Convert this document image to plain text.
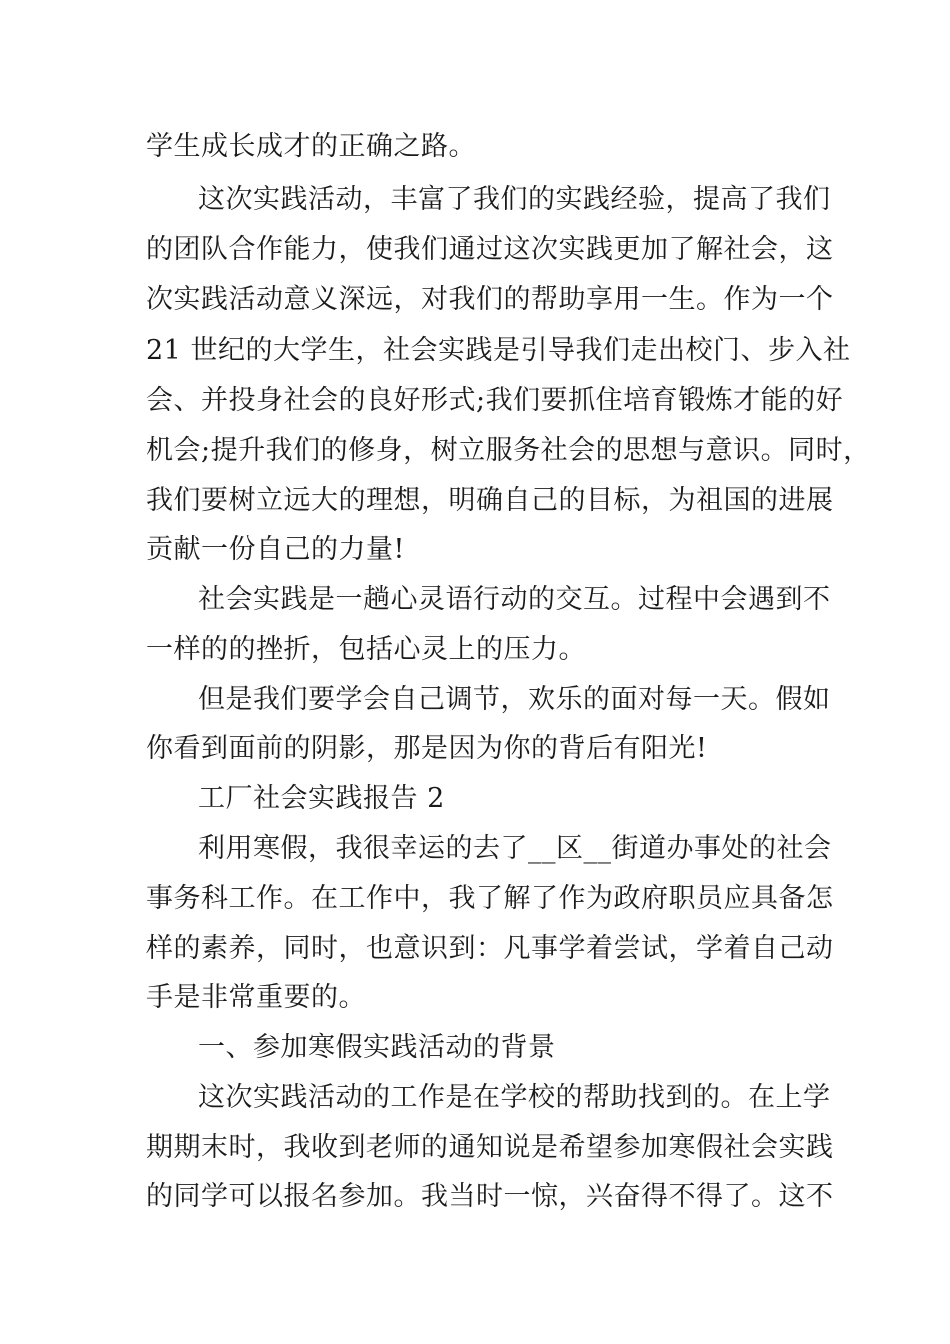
学生成长成才的正确之路。
这次实践活动，丰富了我们的实践经验，提高了我们
的团队合作能力，使我们通过这次实践更加了解社会，这
次实践活动意义深远，对我们的帮助享用一生。作为一个
21 世纪的大学生，社会实践是引导我们走出校门、步入社
会、并投身社会的良好形式;我们要抓住培育锻炼才能的好
机会;提升我们的修身，树立服务社会的思想与意识。同时，
我们要树立远大的理想，明确自己的目标，为祖国的进展
贡献一份自己的力量!
社会实践是一趟心灵语行动的交互。过程中会遇到不
一样的的挫折，包括心灵上的压力。
但是我们要学会自己调节，欢乐的面对每一天。假如
你看到面前的阴影，那是因为你的背后有阳光!
工厂社会实践报告 2
利用寒假，我很幸运的去了__区__街道办事处的社会
事务科工作。在工作中，我了解了作为政府职员应具备怎
样的素养，同时，也意识到：凡事学着尝试，学着自己动
手是非常重要的。
一、参加寒假实践活动的背景
这次实践活动的工作是在学校的帮助找到的。在上学
期期末时，我收到老师的通知说是希望参加寒假社会实践
的同学可以报名参加。我当时一惊，兴奋得不得了。这不
